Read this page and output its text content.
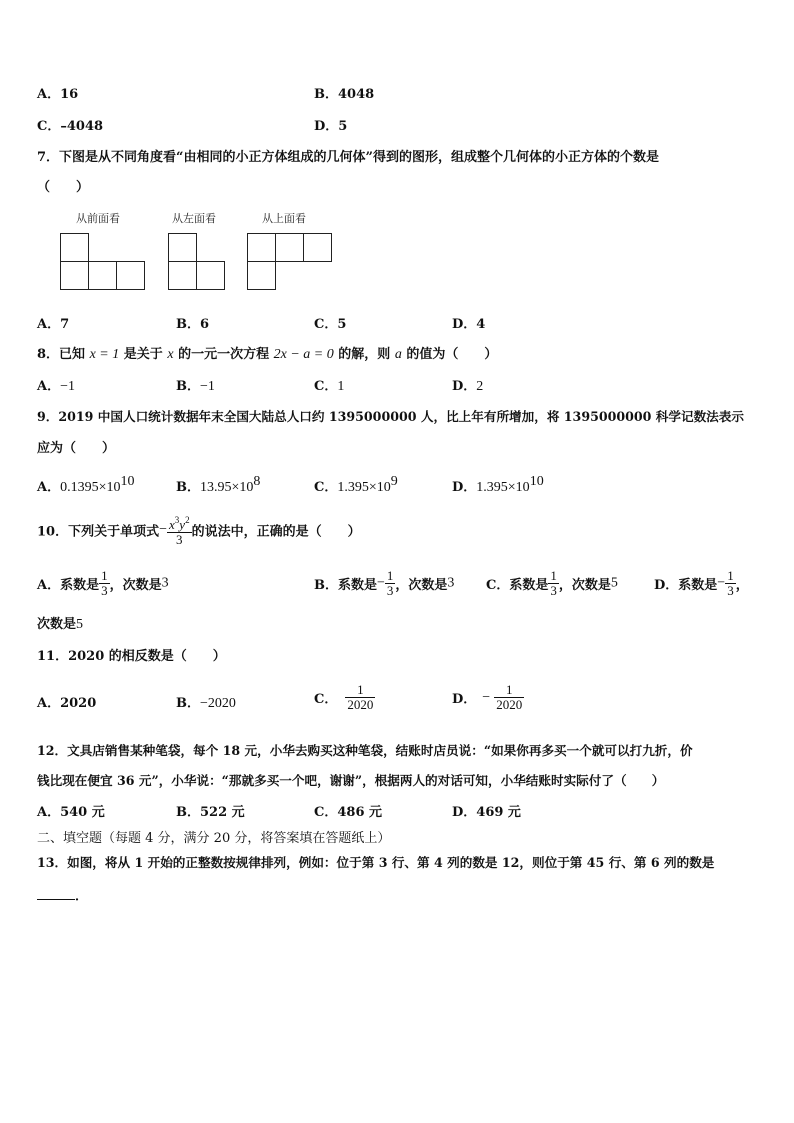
A．16	B．4048
C．–4048	D．5
7．下图是从不同角度看“由相同的小正方体组成的几何体”得到的图形，组成整个几何体的小正方体的个数是
（　　）
从前面看	从左面看	从上面看
A．7	B．6	C．5	D．4
8．已知 x = 1 是关于 x 的一元一次方程 2x − a = 0 的解，则 a 的值为（　　）
A．−1	B．−1	C．1	D．2
9．2019 中国人口统计数据年末全国大陆总人口约 1395000000 人，比上年有所增加，将 1395000000 科学记数法表示
应为（　　）
A．$0.1395\times 10^{10}$	B．$13.95\times 10^8$	C．$1.395\times 10^9$	D．$1.395\times 10^{10}$
10．下列关于单项式− $\frac{x^3y^2}{3}$ 的说法中，正确的是（　　）
A．系数是 $\frac{1}{3}$ ，次数是3	B．系数是− $\frac{1}{3}$ ，次数是3 C．系数是 $\frac{1}{3}$ ，次数是5	D．系数是− $\frac{1}{3}$ ，
次数是5
11．2020 的相反数是（　　）
A．2020	B．−2020	C． $\frac{1}{2020}$	D． − $\frac{1}{2020}$
12．文具店销售某种笔袋，每个 18 元，小华去购买这种笔袋，结账时店员说：“如果你再多买一个就可以打九折，价
钱比现在便宜 36 元”，小华说：“那就多买一个吧，谢谢”，根据两人的对话可知，小华结账时实际付了（　　）
A．540 元	B．522 元	C．486 元	D．469 元
二、填空题（每题 4 分，满分 20 分，将答案填在答题纸上）
13．如图，将从 1 开始的正整数按规律排列，例如：位于第 3 行、第 4 列的数是 12，则位于第 45 行、第 6 列的数是
．
